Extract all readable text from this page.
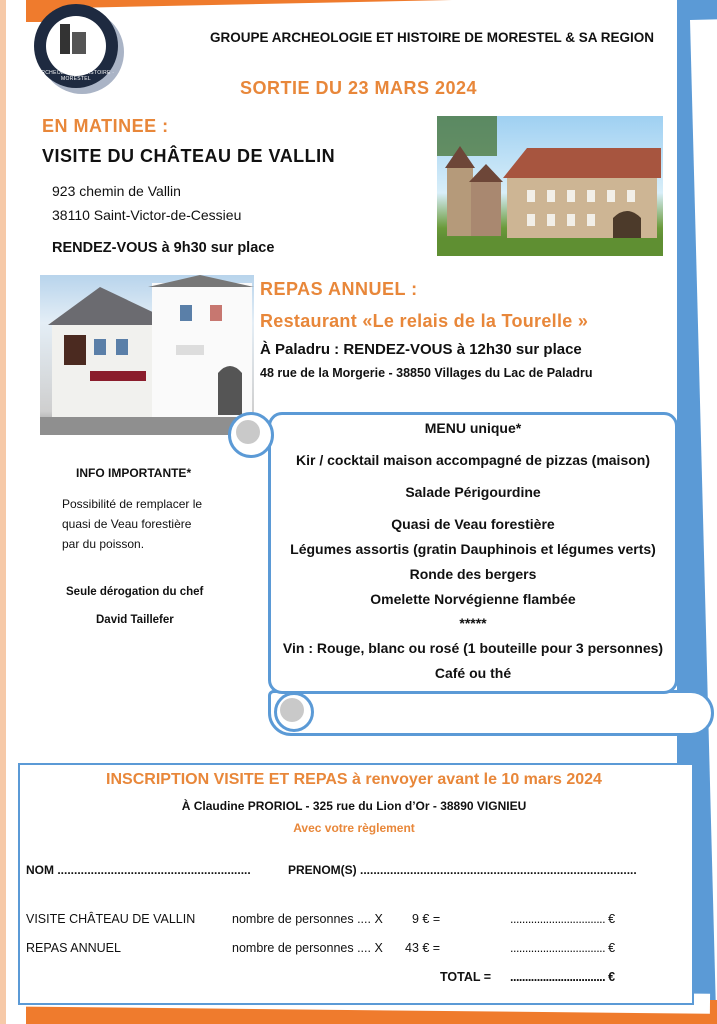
ARCHEOLOGIE & HISTOIRE · MORESTEL
GROUPE ARCHEOLOGIE ET HISTOIRE DE MORESTEL & SA REGION
SORTIE DU 23 MARS 2024
EN MATINEE :
VISITE DU CHÂTEAU DE VALLIN
923 chemin de Vallin
38110 Saint-Victor-de-Cessieu
RENDEZ-VOUS à 9h30 sur place
REPAS ANNUEL :
Restaurant «Le relais de la Tourelle »
À Paladru : RENDEZ-VOUS à 12h30 sur place
48 rue de la Morgerie - 38850 Villages du Lac de Paladru
MENU unique*
Kir / cocktail maison accompagné de pizzas (maison)
Salade Périgourdine
Quasi de Veau forestière
Légumes assortis (gratin Dauphinois et légumes verts)
Ronde des bergers
Omelette Norvégienne flambée
*****
Vin : Rouge, blanc ou rosé (1 bouteille pour 3 personnes)
Café ou thé
INFO IMPORTANTE*
Possibilité de remplacer le quasi de Veau forestière par du poisson.
Seule dérogation du chef
David Taillefer
INSCRIPTION VISITE ET REPAS à renvoyer avant le 10 mars 2024
À Claudine PRORIOL - 325 rue du Lion d’Or - 38890 VIGNIEU
Avec votre règlement
NOM ..........................................................	PRENOM(S) ...................................................................................
VISITE CHÂTEAU DE VALLIN	nombre de personnes .... X 9 € =	................................ €
REPAS ANNUEL	nombre de personnes .... X 43 € =	................................ €
TOTAL = ................................ €
